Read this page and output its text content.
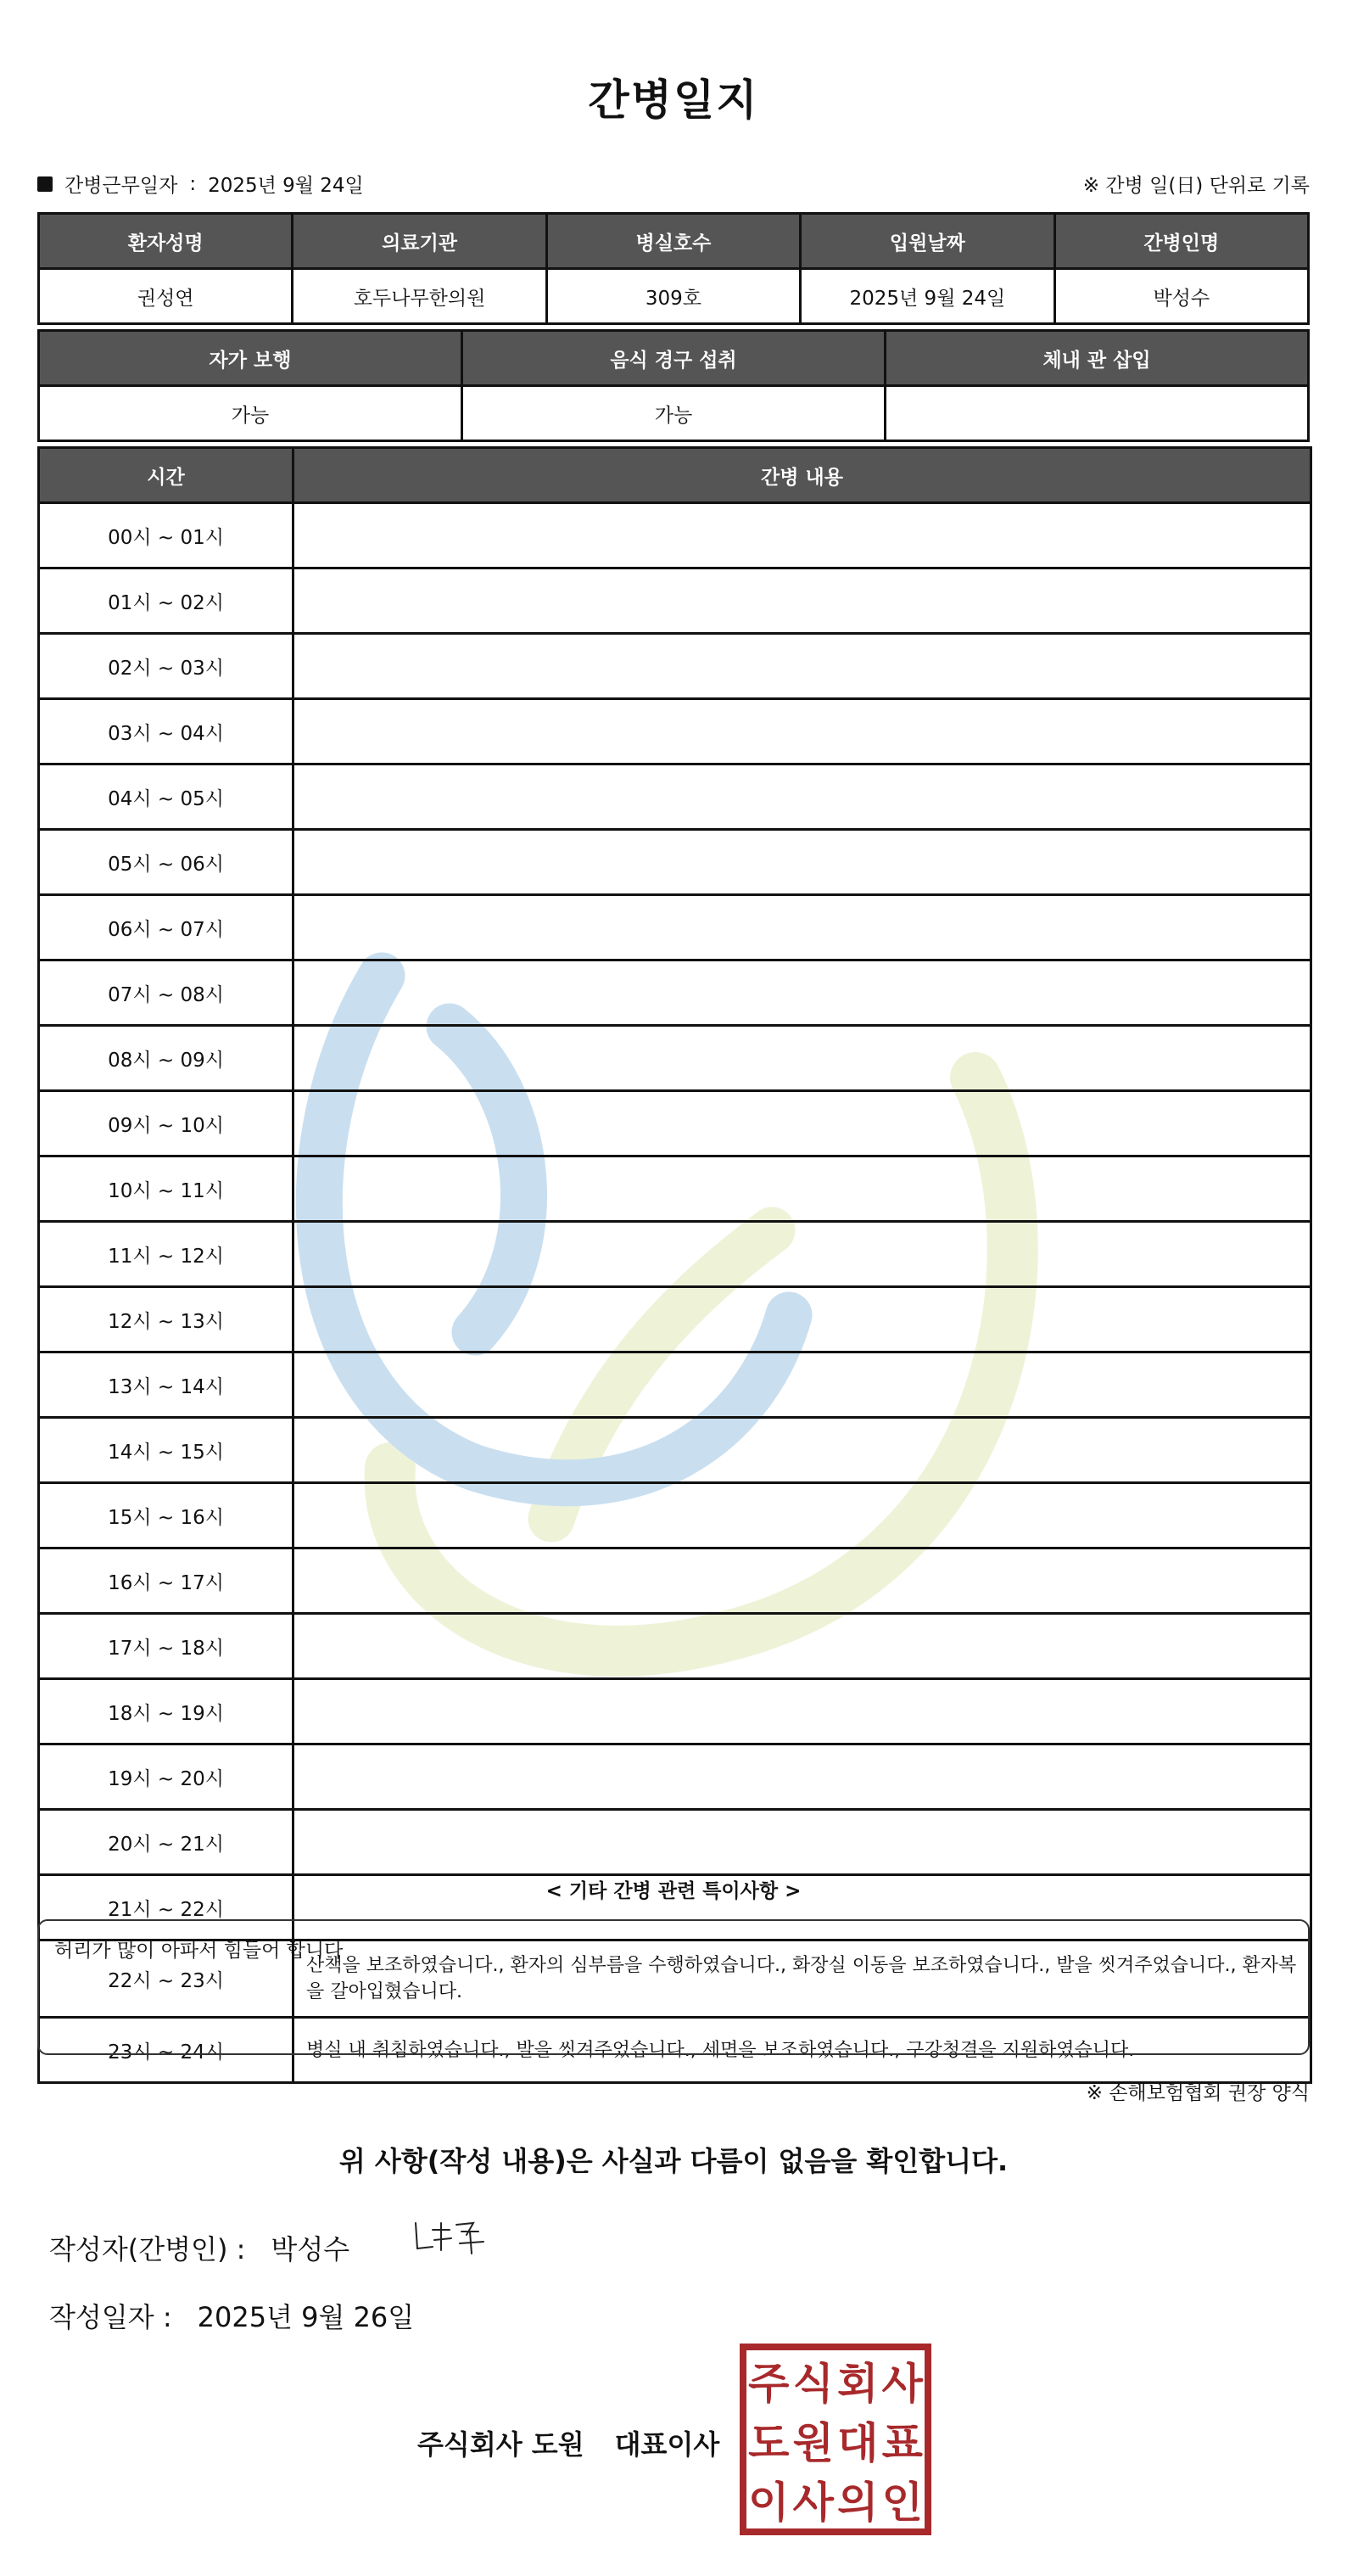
간병일지
간병근무일자 : 2025년 9월 24일	※ 간병 일(日) 단위로 기록
환자성명	의료기관	병실호수	입원날짜	간병인명
권성연	호두나무한의원	309호	2025년 9월 24일	박성수
자가 보행	음식 경구 섭취	체내 관 삽입
가능	가능	
시간	간병 내용
00시 ~ 01시	
01시 ~ 02시	
02시 ~ 03시	
03시 ~ 04시	
04시 ~ 05시	
05시 ~ 06시	
06시 ~ 07시	
07시 ~ 08시	
08시 ~ 09시	
09시 ~ 10시	
10시 ~ 11시	
11시 ~ 12시	
12시 ~ 13시	
13시 ~ 14시	
14시 ~ 15시	
15시 ~ 16시	
16시 ~ 17시	
17시 ~ 18시	
18시 ~ 19시	
19시 ~ 20시	
20시 ~ 21시	
21시 ~ 22시	
22시 ~ 23시	산책을 보조하였습니다., 환자의 심부름을 수행하였습니다., 화장실 이동을 보조하였습니다., 발을 씻겨주었습니다., 환자복을 갈아입혔습니다.
23시 ~ 24시	병실 내 취침하였습니다., 발을 씻겨주었습니다., 세면을 보조하였습니다., 구강청결을 지원하였습니다.
< 기타 간병 관련 특이사항 >
허리가 많이 아파서 힘들어 합니다
※ 손해보험협회 권장 양식
위 사항(작성 내용)은 사실과 다름이 없음을 확인합니다.
작성자(간병인) : 박성수
작성일자 : 2025년 9월 26일
주식회사 도원 대표이사
주 식 회 사
도 원 대 표
이 사 의 인
